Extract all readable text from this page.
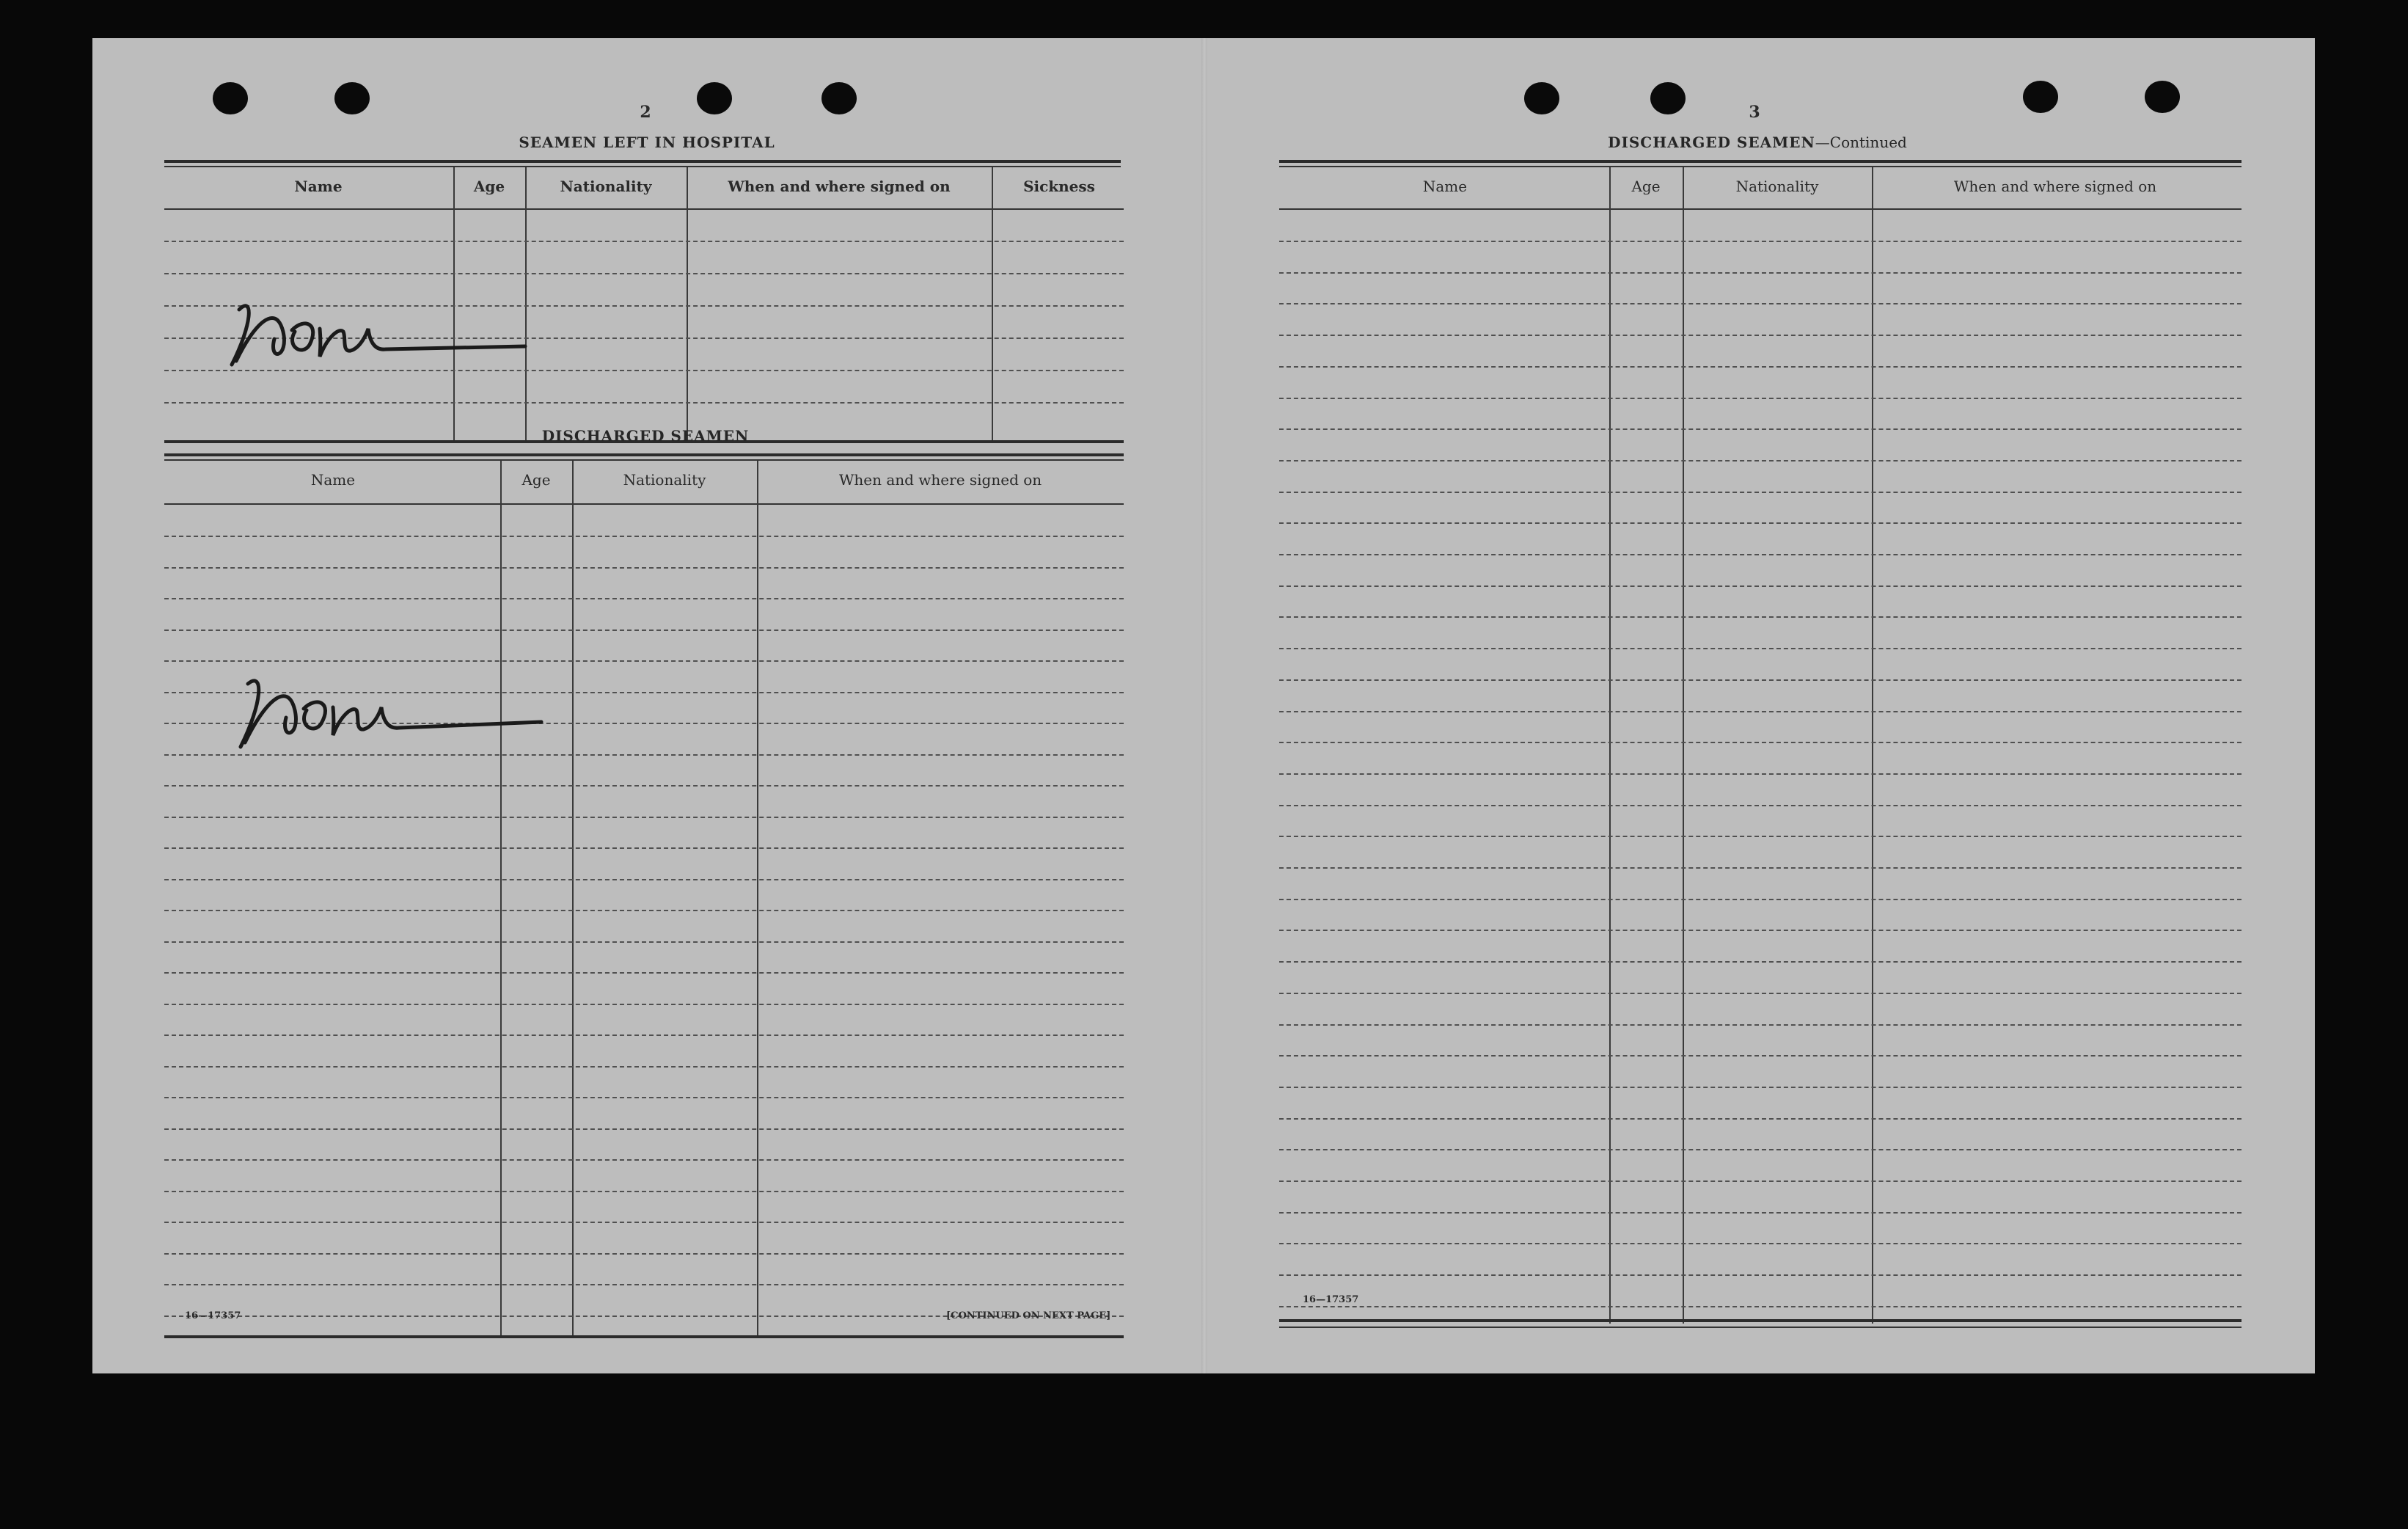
2
SEAMEN LEFT IN HOSPITAL
Name	Age	Nationality	When and where signed on	Sickness
DISCHARGED SEAMEN
Name	Age	Nationality	When and where signed on
16—17357	[CONTINUED ON NEXT PAGE]
3
DISCHARGED SEAMEN—Continued
Name	Age	Nationality	When and where signed on
16—17357
